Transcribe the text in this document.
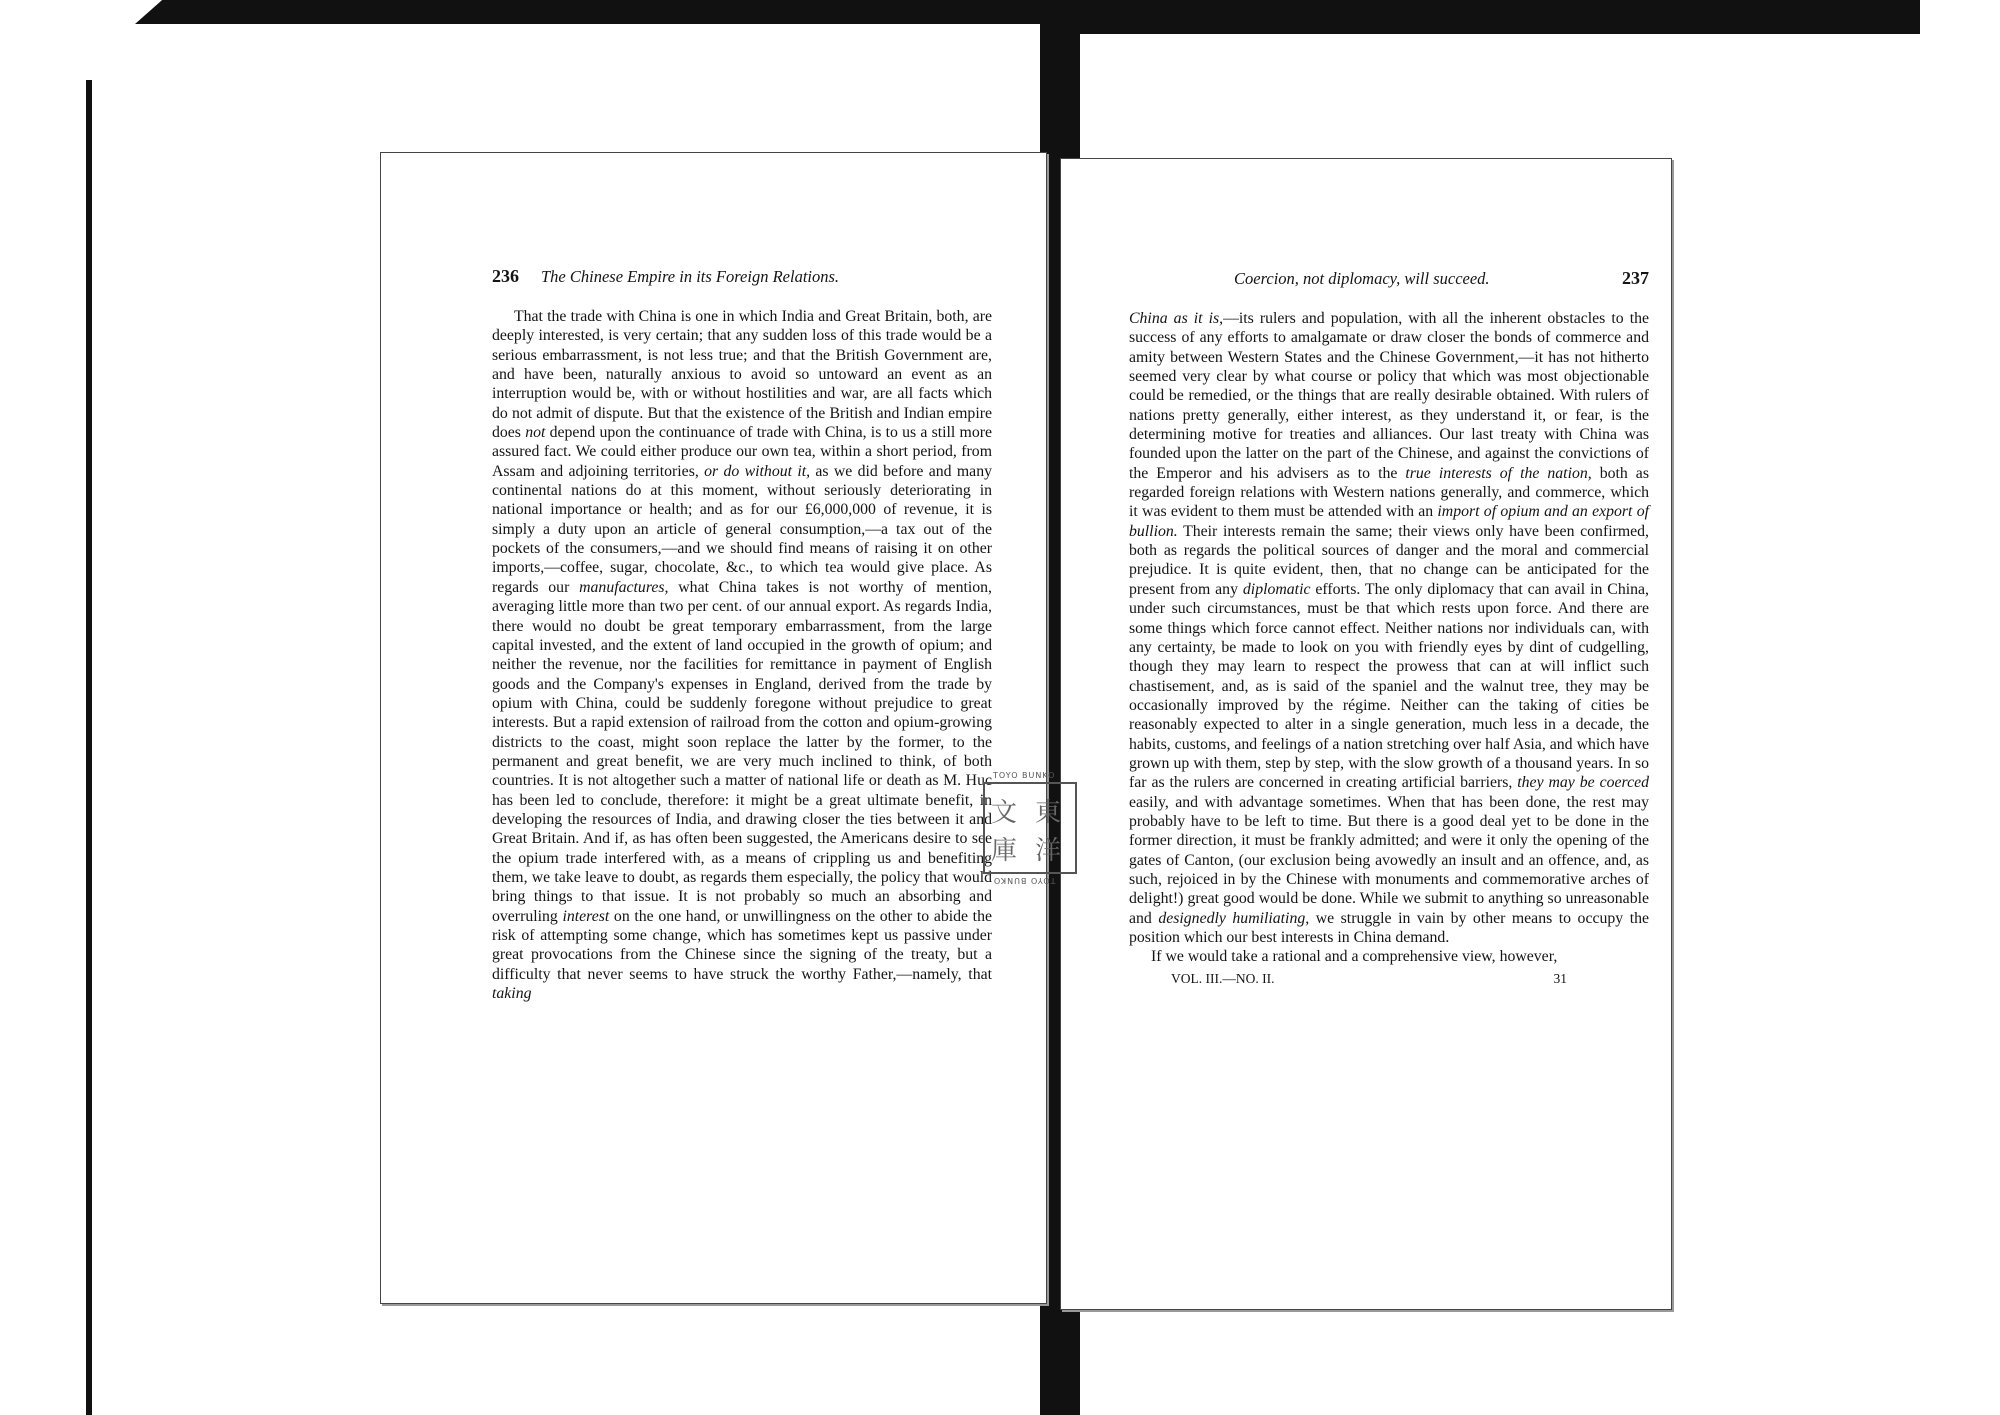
236 The Chinese Empire in its Foreign Relations.

That the trade with China is one in which India and Great Britain, both, are deeply interested, is very certain; that any sudden loss of this trade would be a serious embarrassment, is not less true; and that the British Government are, and have been, naturally anxious to avoid so untoward an event as an interruption would be, with or without hostilities and war, are all facts which do not admit of dispute. But that the existence of the British and Indian empire does not depend upon the continuance of trade with China, is to us a still more assured fact. We could either produce our own tea, within a short period, from Assam and adjoining territories, or do without it, as we did before and many continental nations do at this moment, without seriously deteriorating in national importance or health; and as for our £6,000,000 of revenue, it is simply a duty upon an article of general consumption,—a tax out of the pockets of the consumers,—and we should find means of raising it on other imports,—coffee, sugar, chocolate, &c., to which tea would give place. As regards our manufactures, what China takes is not worthy of mention, averaging little more than two per cent. of our annual export. As regards India, there would no doubt be great temporary embarrassment, from the large capital invested, and the extent of land occupied in the growth of opium; and neither the revenue, nor the facilities for remittance in payment of English goods and the Company's expenses in England, derived from the trade by opium with China, could be suddenly foregone without prejudice to great interests. But a rapid extension of railroad from the cotton and opium-growing districts to the coast, might soon replace the latter by the former, to the permanent and great benefit, we are very much inclined to think, of both countries. It is not altogether such a matter of national life or death as M. Huc has been led to conclude, therefore: it might be a great ultimate benefit, in developing the resources of India, and drawing closer the ties between it and Great Britain. And if, as has often been suggested, the Americans desire to see the opium trade interfered with, as a means of crippling us and benefiting them, we take leave to doubt, as regards them especially, the policy that would bring things to that issue. It is not probably so much an absorbing and overruling interest on the one hand, or unwillingness on the other to abide the risk of attempting some change, which has sometimes kept us passive under great provocations from the Chinese since the signing of the treaty, but a difficulty that never seems to have struck the worthy Father,—namely, that taking

Coercion, not diplomacy, will succeed.	237

China as it is,—its rulers and population, with all the inherent obstacles to the success of any efforts to amalgamate or draw closer the bonds of commerce and amity between Western States and the Chinese Government,—it has not hitherto seemed very clear by what course or policy that which was most objectionable could be remedied, or the things that are really desirable obtained. With rulers of nations pretty generally, either interest, as they understand it, or fear, is the determining motive for treaties and alliances. Our last treaty with China was founded upon the latter on the part of the Chinese, and against the convictions of the Emperor and his advisers as to the true interests of the nation, both as regarded foreign relations with Western nations generally, and commerce, which it was evident to them must be attended with an import of opium and an export of bullion. Their interests remain the same; their views only have been confirmed, both as regards the political sources of danger and the moral and commercial prejudice. It is quite evident, then, that no change can be anticipated for the present from any diplomatic efforts. The only diplomacy that can avail in China, under such circumstances, must be that which rests upon force. And there are some things which force cannot effect. Neither nations nor individuals can, with any certainty, be made to look on you with friendly eyes by dint of cudgelling, though they may learn to respect the prowess that can at will inflict such chastisement, and, as is said of the spaniel and the walnut tree, they may be occasionally improved by the régime. Neither can the taking of cities be reasonably expected to alter in a single generation, much less in a decade, the habits, customs, and feelings of a nation stretching over half Asia, and which have grown up with them, step by step, with the slow growth of a thousand years. In so far as the rulers are concerned in creating artificial barriers, they may be coerced easily, and with advantage sometimes. When that has been done, the rest may probably have to be left to time. But there is a good deal yet to be done in the former direction, it must be frankly admitted; and were it only the opening of the gates of Canton, (our exclusion being avowedly an insult and an offence, and, as such, rejoiced in by the Chinese with monuments and commemorative arches of delight!) great good would be done. While we submit to anything so unreasonable and designedly humiliating, we struggle in vain by other means to occupy the position which our best interests in China demand.

If we would take a rational and a comprehensive view, however,

VOL. III.—NO. II.	31
TOYO BUNKO
文 東
庫 洋
TOYO BUNKO
